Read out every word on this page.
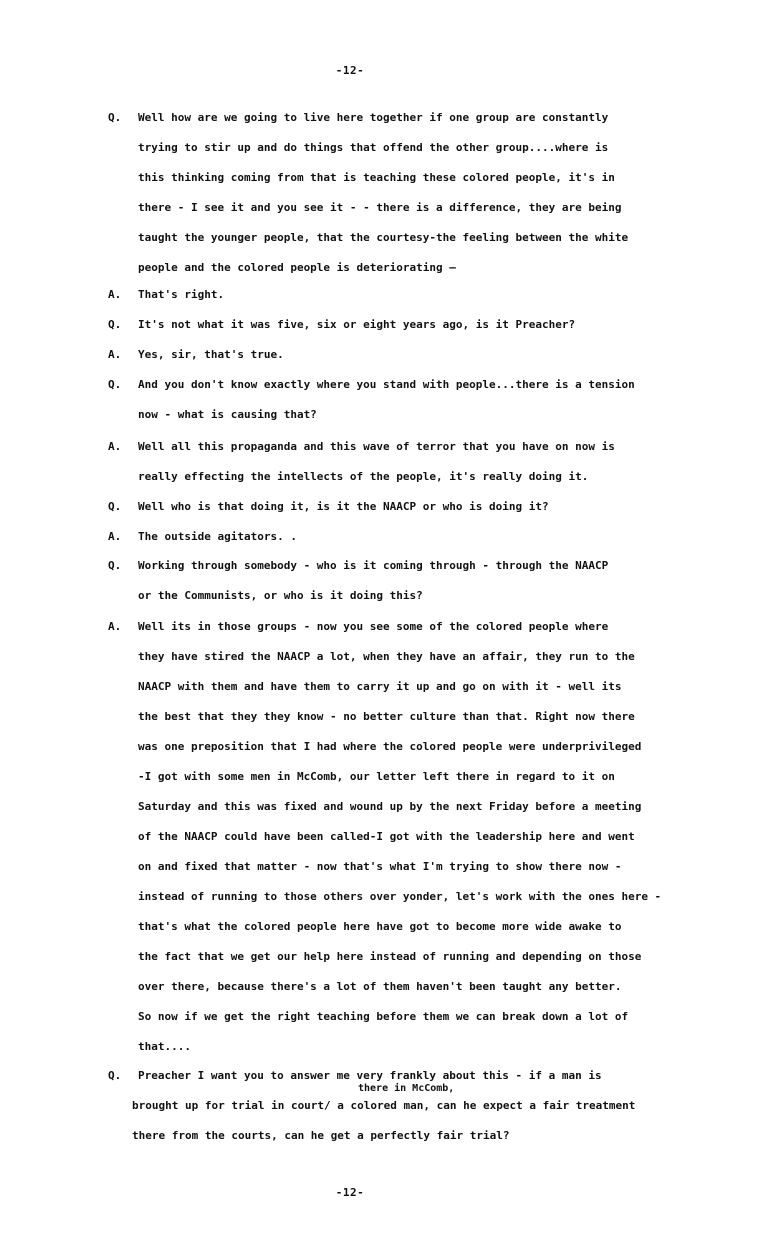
-12-
Q. Well how are we going to live here together if one group are constantly
trying to stir up and do things that offend the other group....where is
this thinking coming from that is teaching these colored people, it's in
there - I see it and you see it - - there is a difference, they are being
taught the younger people, that the courtesy-the feeling between the white
people and the colored people is deteriorating —
A. That's right.
Q. It's not what it was five, six or eight years ago, is it Preacher?
A. Yes, sir, that's true.
Q. And you don't know exactly where you stand with people...there is a tension
now - what is causing that?
A. Well all this propaganda and this wave of terror that you have on now is
really effecting the intellects of the people, it's really doing it.
Q. Well who is that doing it, is it the NAACP or who is doing it?
A. The outside agitators. .
Q. Working through somebody - who is it coming through - through the NAACP
or the Communists, or who is it doing this?
A. Well its in those groups - now you see some of the colored people where
they have stired the NAACP a lot, when they have an affair, they run to the
NAACP with them and have them to carry it up and go on with it - well its
the best that they they know - no better culture than that. Right now there
was one preposition that I had where the colored people were underprivileged
-I got with some men in McComb, our letter left there in regard to it on
Saturday and this was fixed and wound up by the next Friday before a meeting
of the NAACP could have been called-I got with the leadership here and went
on and fixed that matter - now that's what I'm trying to show there now -
instead of running to those others over yonder, let's work with the ones here -
that's what the colored people here have got to become more wide awake to
the fact that we get our help here instead of running and depending on those
over there, because there's a lot of them haven't been taught any better.
So now if we get the right teaching before them we can break down a lot of
that....
Q. Preacher I want you to answer me very frankly about this - if a man is
brought up for trial in court/ a colored man, can he expect a fair treatment
there from the courts, can he get a perfectly fair trial?
there in McComb,
-12-
